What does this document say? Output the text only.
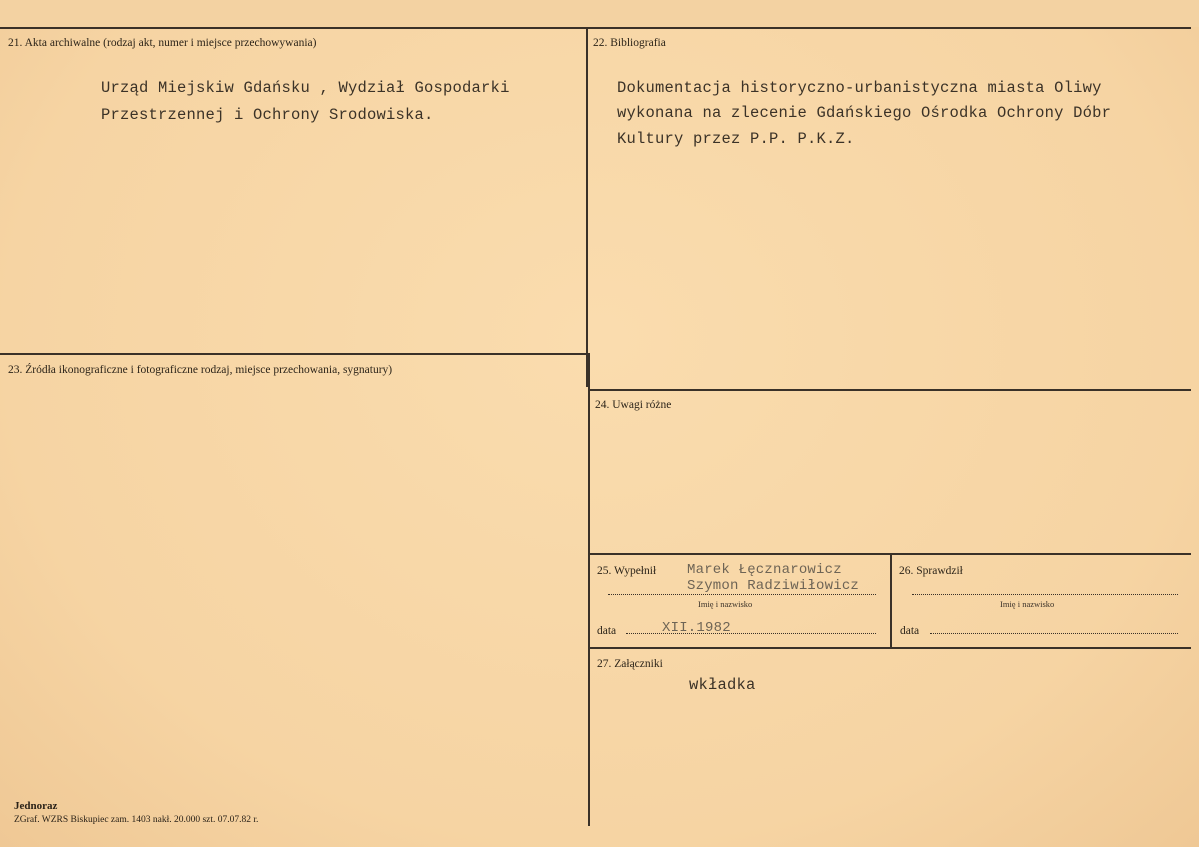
21. Akta archiwalne (rodzaj akt, numer i miejsce przechowywania)
Urząd Miejskiw Gdańsku , Wydział Gospodarki
Przestrzennej i Ochrony Srodowiska.
22. Bibliografia
Dokumentacja historyczno-urbanistyczna miasta Oliwy
wykonana na zlecenie Gdańskiego Ośrodka Ochrony Dóbr
Kultury przez P.P. P.K.Z.
23. Źródła ikonograficzne i fotograficzne rodzaj, miejsce przechowania, sygnatury)
24. Uwagi różne
25. Wypełnił Marek Łęcznarowicz
Szymon Radziwiłowicz
Imię i nazwisko
data	XII.1982
26. Sprawdził
Imię i nazwisko
data
27. Załączniki
wkładka
Jednoraz
ZGraf. WZRS Biskupiec zam. 1403 nakł. 20.000 szt. 07.07.82 r.
